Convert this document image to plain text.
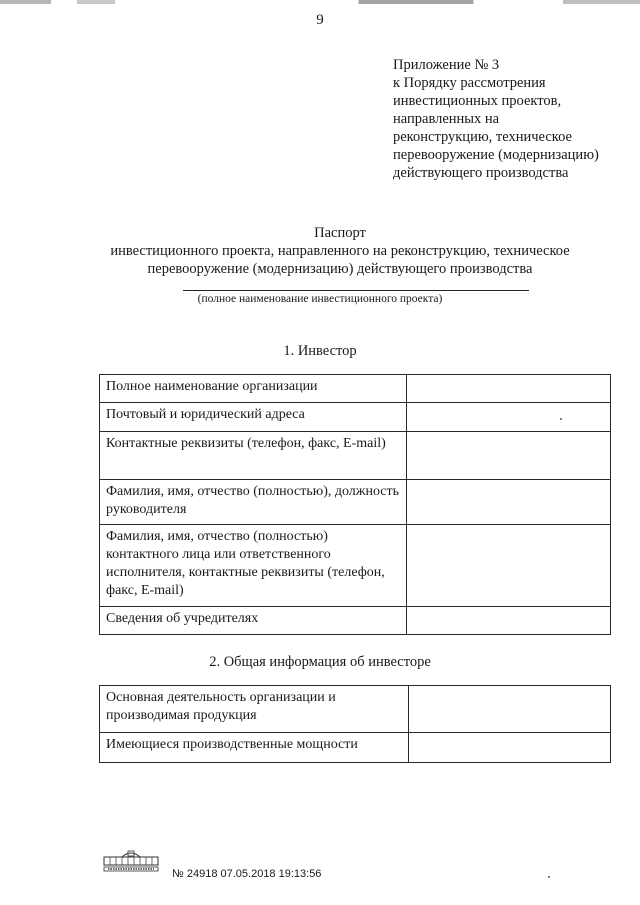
9
Приложение № 3
к Порядку рассмотрения
инвестиционных проектов,
направленных на
реконструкцию, техническое
перевооружение (модернизацию)
действующего производства
Паспорт
инвестиционного проекта, направленного на реконструкцию, техническое
перевооружение (модернизацию) действующего производства
(полное наименование инвестиционного проекта)
1. Инвестор
Полное наименование организации	
Почтовый и юридический адреса	
Контактные реквизиты (телефон, факс, E-mail)	
Фамилия, имя, отчество (полностью), должность руководителя	
Фамилия, имя, отчество (полностью) контактного лица или ответственного исполнителя, контактные реквизиты (телефон, факс, E-mail)	
Сведения об учредителях	
2. Общая информация об инвесторе
Основная деятельность организации и производимая продукция	
Имеющиеся производственные мощности	
№ 24918 07.05.2018 19:13:56
